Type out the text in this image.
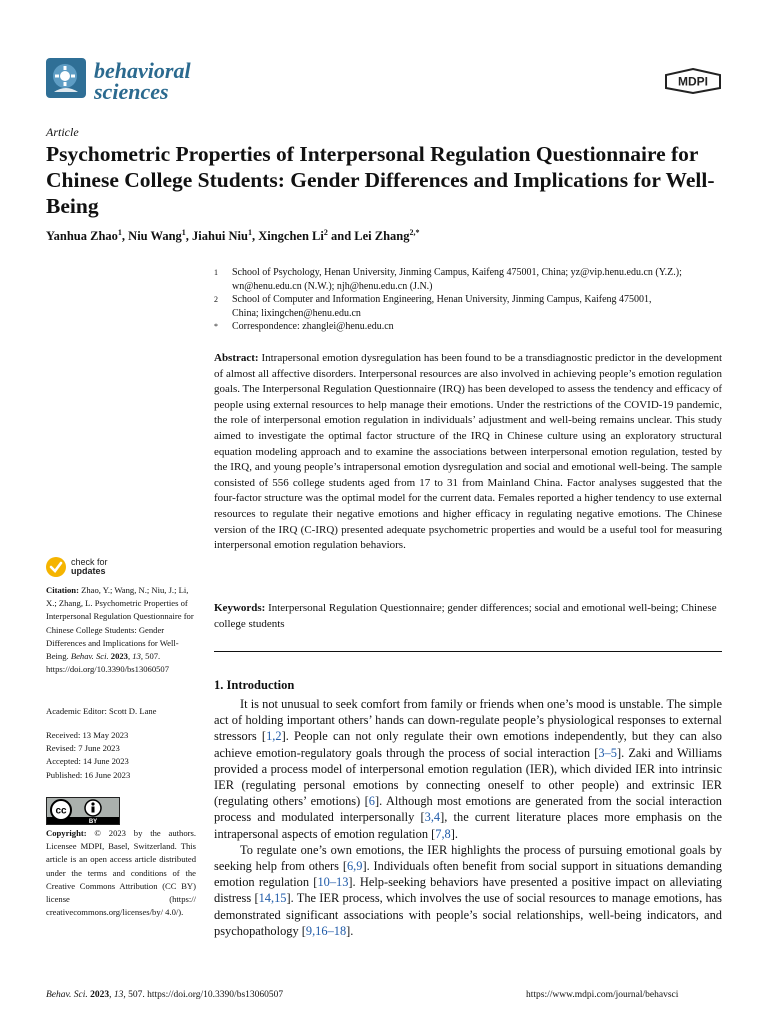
behavioral
sciences	MDPI
Article
Psychometric Properties of Interpersonal Regulation Questionnaire for Chinese College Students: Gender Differences and Implications for Well-Being
Yanhua Zhao$^1$, Niu Wang$^1$, Jiahui Niu$^1$, Xingchen Li$^2$ and Lei Zhang$^{2,*}$
1 School of Psychology, Henan University, Jinming Campus, Kaifeng 475001, China; yz@vip.henu.edu.cn (Y.Z.); wn@henu.edu.cn (N.W.); njh@henu.edu.cn (J.N.)
2 School of Computer and Information Engineering, Henan University, Jinming Campus, Kaifeng 475001, China; lixingchen@henu.edu.cn
* Correspondence: zhanglei@henu.edu.cn
Abstract: Intrapersonal emotion dysregulation has been found to be a transdiagnostic predictor in the development of almost all affective disorders. Interpersonal resources are also involved in achieving people’s emotion regulation goals. The Interpersonal Regulation Questionnaire (IRQ) has been developed to assess the tendency and efficacy of people using external resources to help manage their emotions. Under the restrictions of the COVID-19 pandemic, the role of interpersonal emotion regulation in individuals’ adjustment and well-being remains unclear. This study aimed to investigate the optimal factor structure of the IRQ in Chinese culture using an exploratory structural equation modeling approach and to examine the associations between interpersonal emotion regulation, tested by the IRQ, and young people’s intrapersonal emotion dysregulation and social and emotional well-being. The sample consisted of 556 college students aged from 17 to 31 from Mainland China. Factor analyses suggested that the four-factor structure was the optimal model for the current data. Females reported a higher tendency to use external resources to regulate their negative emotions and higher efficacy in regulating negative emotions. The Chinese version of the IRQ (C-IRQ) presented adequate psychometric properties and would be a useful tool for measuring interpersonal emotion regulation behaviors.
Keywords: Interpersonal Regulation Questionnaire; gender differences; social and emotional well-being; Chinese college students
1. Introduction

It is not unusual to seek comfort from family or friends when one’s mood is unstable. The simple act of holding important others’ hands can down-regulate people’s physiological responses to external stressors [1,2]. People can not only regulate their own emotions independently, but they can also achieve emotion-regulatory goals through the process of social interaction [3–5]. Zaki and Williams provided a process model of interpersonal emotion regulation (IER), which divided IER into intrinsic IER (regulating personal emotions by connecting oneself to other people) and extrinsic IER (regulating others’ emotions) [6]. Although most emotions are generated from the social interaction process and modulated interpersonally [3,4], the current literature places more emphasis on the intrapersonal aspects of emotion regulation [7,8].

To regulate one’s own emotions, the IER highlights the process of pursuing emotional goals by seeking help from others [6,9]. Individuals often benefit from social support in situations demanding emotion regulation [10–13]. Help-seeking behaviors have presented a positive impact on alleviating distress [14,15]. The IER process, which involves the use of social resources to manage emotions, has demonstrated significant associations with people’s social relationships, well-being indicators, and psychopathology [9,16–18].

check for
updates
Citation: Zhao, Y.; Wang, N.; Niu, J.; Li, X.; Zhang, L. Psychometric Properties of Interpersonal Regulation Questionnaire for Chinese College Students: Gender Differences and Implications for Well-Being. Behav. Sci. 2023, 13, 507. https://doi.org/10.3390/bs13060507
Academic Editor: Scott D. Lane
Received: 13 May 2023
Revised: 7 June 2023
Accepted: 14 June 2023
Published: 16 June 2023
cc
BY
Copyright: © 2023 by the authors. Licensee MDPI, Basel, Switzerland. This article is an open access article distributed under the terms and conditions of the Creative Commons Attribution (CC BY) license (https:// creativecommons.org/licenses/by/ 4.0/).
Behav. Sci. 2023, 13, 507. https://doi.org/10.3390/bs13060507	https://www.mdpi.com/journal/behavsci
